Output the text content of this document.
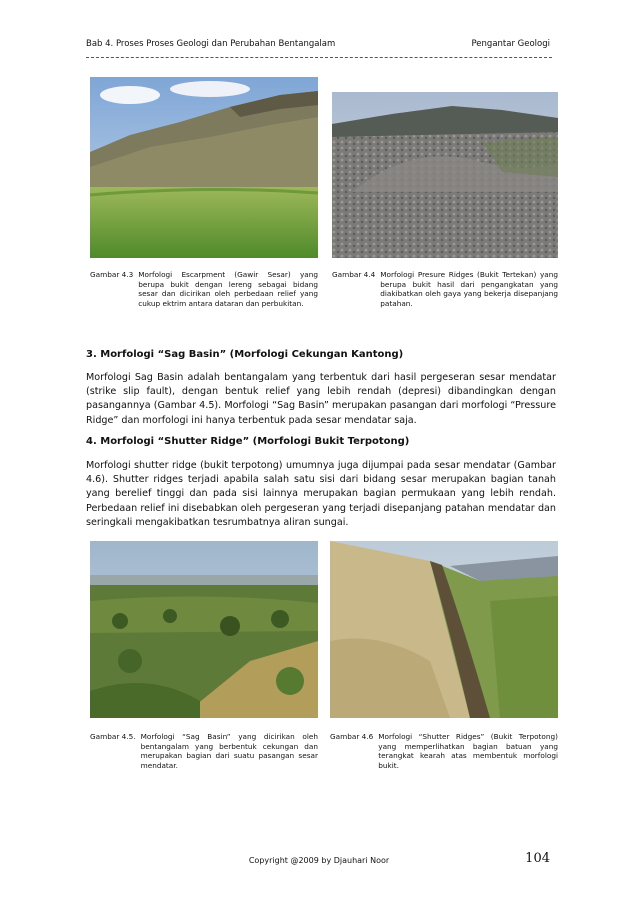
Bab 4. Proses Proses Geologi dan Perubahan Bentangalam	Pengantar Geologi
Gambar 4.3 Morfologi Escarpment (Gawir Sesar) yang berupa bukit dengan lereng sebagai bidang sesar dan dicirikan oleh perbedaan relief yang cukup ektrim antara dataran dan perbukitan.
Gambar 4.4 Morfologi Presure Ridges (Bukit Tertekan) yang berupa bukit hasil dari pengangkatan yang diakibatkan oleh gaya yang bekerja disepanjang patahan.
3. Morfologi “Sag Basin” (Morfologi Cekungan Kantong)

Morfologi Sag Basin adalah bentangalam yang terbentuk dari hasil pergeseran sesar mendatar (strike slip fault), dengan bentuk relief yang lebih rendah (depresi) dibandingkan dengan pasangannya (Gambar 4.5). Morfologi “Sag Basin” merupakan pasangan dari morfologi “Pressure Ridge” dan morfologi ini hanya terbentuk pada sesar mendatar saja.

4. Morfologi “Shutter Ridge” (Morfologi Bukit Terpotong)

Morfologi shutter ridge (bukit terpotong) umumnya juga dijumpai pada sesar mendatar (Gambar 4.6). Shutter ridges terjadi apabila salah satu sisi dari bidang sesar merupakan bagian tanah yang berelief tinggi dan pada sisi lainnya merupakan bagian permukaan yang lebih rendah. Perbedaan relief ini disebabkan oleh pergeseran yang terjadi disepanjang patahan mendatar dan seringkali mengakibatkan tesrumbatnya aliran sungai.

Gambar 4.5. Morfologi “Sag Basin” yang dicirikan oleh bentangalam yang berbentuk cekungan dan merupakan bagian dari suatu pasangan sesar mendatar.
Gambar 4.6 Morfologi “Shutter Ridges” (Bukit Terpotong) yang memperlihatkan bagian batuan yang terangkat kearah atas membentuk morfologi bukit.
Copyright @2009 by Djauhari Noor	104
